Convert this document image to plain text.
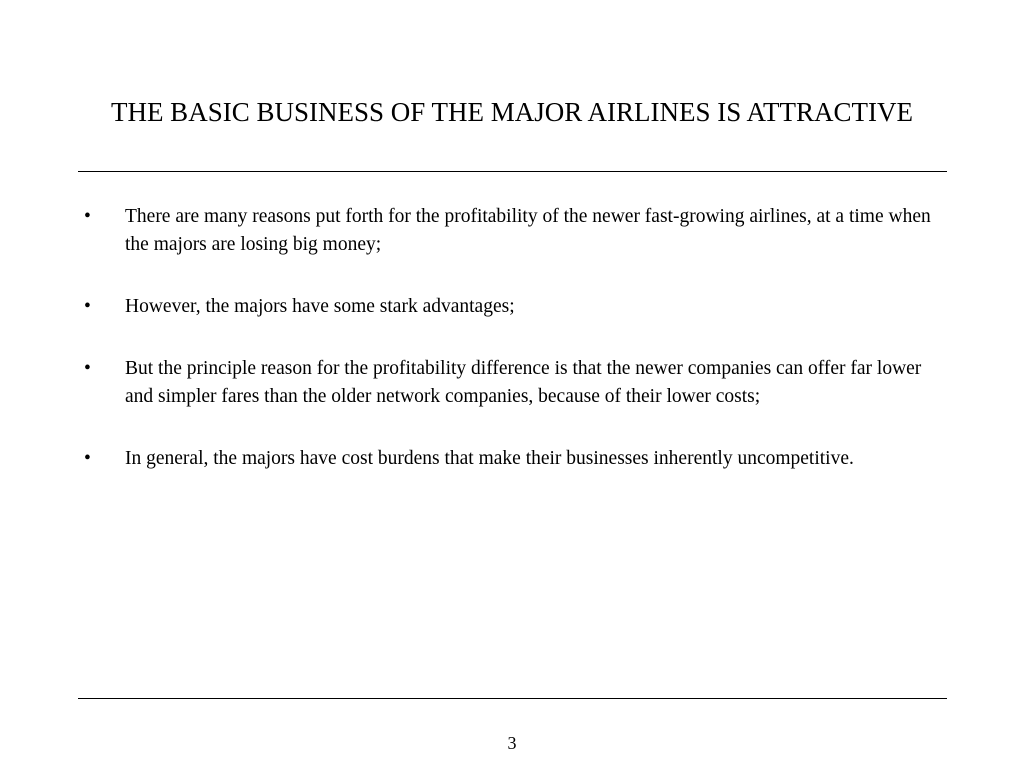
THE BASIC BUSINESS OF THE MAJOR AIRLINES IS ATTRACTIVE
•	There are many reasons put forth for the profitability of the newer fast-growing airlines, at a time when the majors are losing big money;
•	However, the majors have some stark advantages;
•	But the principle reason for the profitability difference is that the newer companies can offer far lower and simpler fares than the older network companies, because of their lower costs;
•	In general, the majors have cost burdens that make their businesses inherently uncompetitive.
3
